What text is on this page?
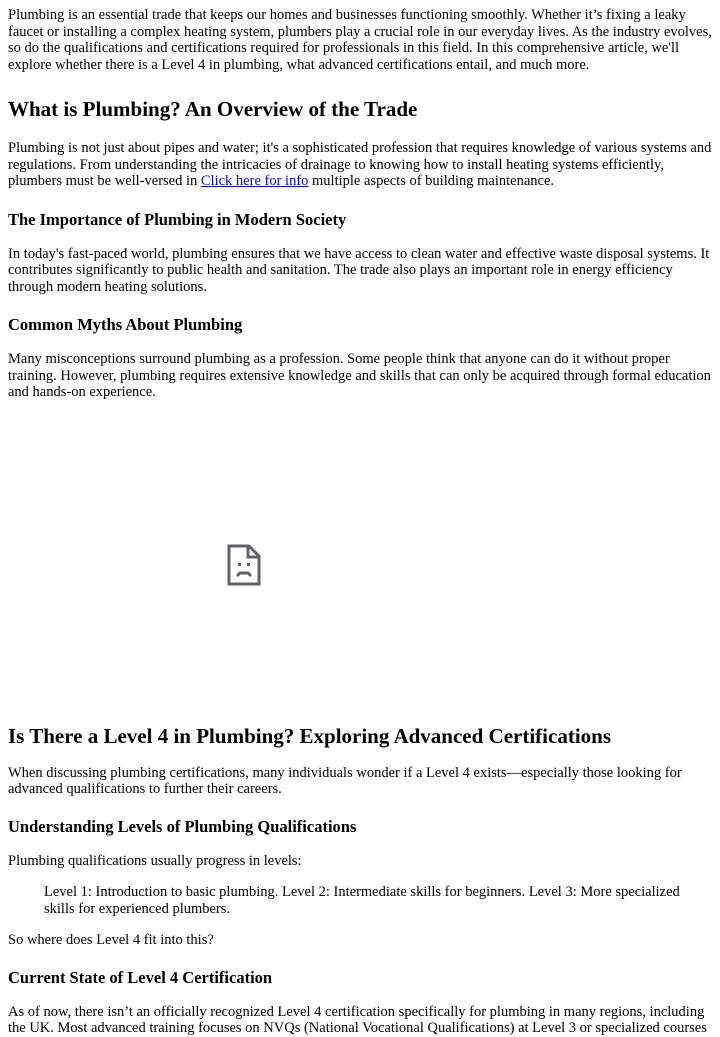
Plumbing is an essential trade that keeps our homes and businesses functioning smoothly. Whether it’s fixing a leaky faucet or installing a complex heating system, plumbers play a crucial role in our everyday lives. As the industry evolves, so do the qualifications and certifications required for professionals in this field. In this comprehensive article, we'll explore whether there is a Level 4 in plumbing, what advanced certifications entail, and much more.

What is Plumbing? An Overview of the Trade

Plumbing is not just about pipes and water; it's a sophisticated profession that requires knowledge of various systems and regulations. From understanding the intricacies of drainage to knowing how to install heating systems efficiently, plumbers must be well-versed in Click here for info multiple aspects of building maintenance.

The Importance of Plumbing in Modern Society

In today's fast-paced world, plumbing ensures that we have access to clean water and effective waste disposal systems. It contributes significantly to public health and sanitation. The trade also plays an important role in energy efficiency through modern heating solutions.

Common Myths About Plumbing

Many misconceptions surround plumbing as a profession. Some people think that anyone can do it without proper training. However, plumbing requires extensive knowledge and skills that can only be acquired through formal education and hands-on experience.

Is There a Level 4 in Plumbing? Exploring Advanced Certifications

When discussing plumbing certifications, many individuals wonder if a Level 4 exists—especially those looking for advanced qualifications to further their careers.

Understanding Levels of Plumbing Qualifications

Plumbing qualifications usually progress in levels:

Level 1: Introduction to basic plumbing. Level 2: Intermediate skills for beginners. Level 3: More specialized skills for experienced plumbers.

So where does Level 4 fit into this?

Current State of Level 4 Certification

As of now, there isn’t an officially recognized Level 4 certification specifically for plumbing in many regions, including the UK. Most advanced training focuses on NVQs (National Vocational Qualifications) at Level 3 or specialized courses
